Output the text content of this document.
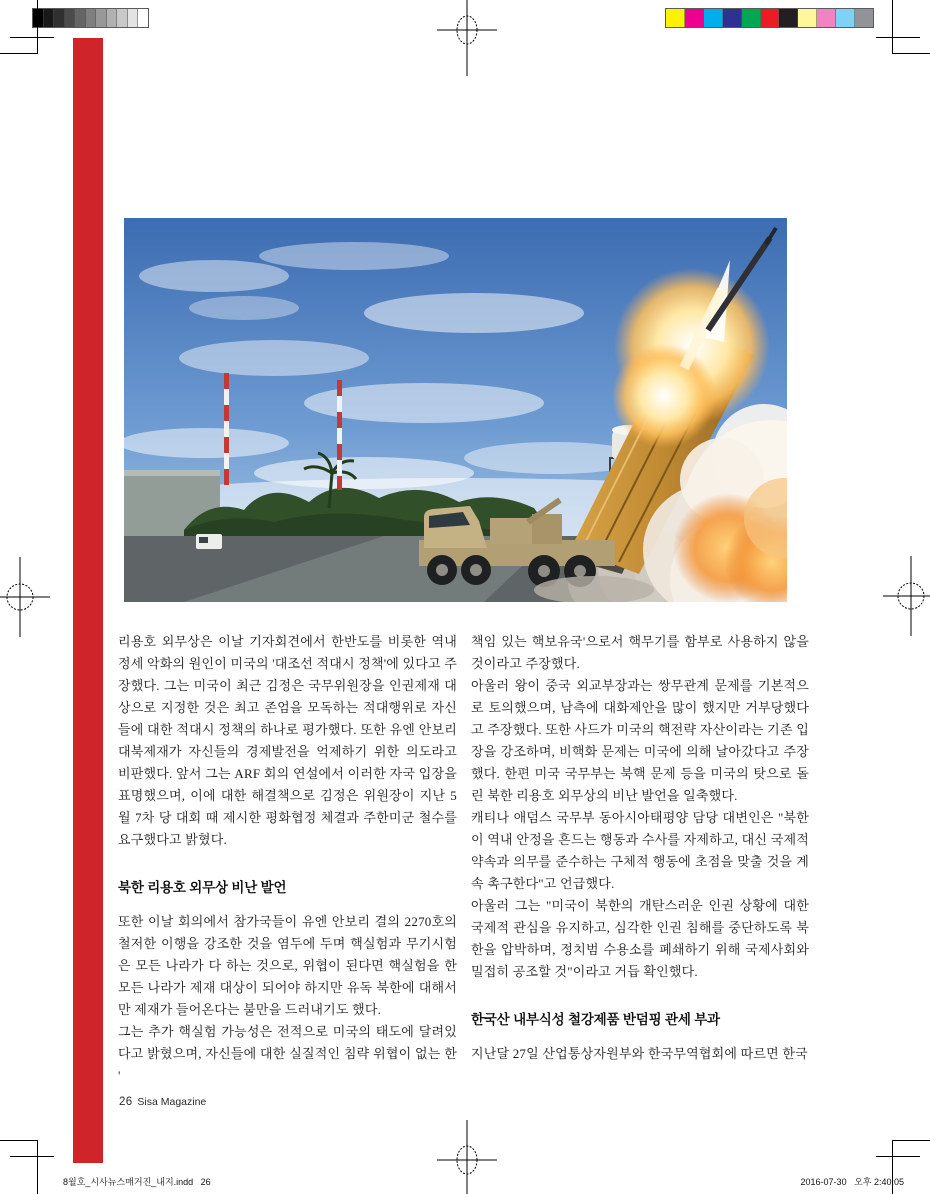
리용호 외무상은 이날 기자회견에서 한반도를 비롯한 역내 정세 악화의 원인이 미국의 '대조선 적대시 정책'에 있다고 주장했다. 그는 미국이 최근 김정은 국무위원장을 인권제재 대상으로 지정한 것은 최고 존엄을 모독하는 적대행위로 자신들에 대한 적대시 정책의 하나로 평가했다. 또한 유엔 안보리 대북제재가 자신들의 경제발전을 억제하기 위한 의도라고 비판했다. 앞서 그는 ARF 회의 연설에서 이러한 자국 입장을 표명했으며, 이에 대한 해결책으로 김정은 위원장이 지난 5월 7차 당 대회 때 제시한 평화협정 체결과 주한미군 철수를 요구했다고 밝혔다.

북한 리용호 외무상 비난 발언

또한 이날 회의에서 참가국들이 유엔 안보리 결의 2270호의 철저한 이행을 강조한 것을 염두에 두며 핵실험과 무기시험은 모든 나라가 다 하는 것으로, 위협이 된다면 핵실험을 한 모든 나라가 제재 대상이 되어야 하지만 유독 북한에 대해서만 제재가 들어온다는 불만을 드러내기도 했다.

그는 추가 핵실험 가능성은 전적으로 미국의 태도에 달려있다고 밝혔으며, 자신들에 대한 실질적인 침략 위협이 없는 한 '

책임 있는 핵보유국'으로서 핵무기를 함부로 사용하지 않을 것이라고 주장했다.

아울러 왕이 중국 외교부장과는 쌍무관계 문제를 기본적으로 토의했으며, 남측에 대화제안을 많이 했지만 거부당했다고 주장했다. 또한 사드가 미국의 핵전략 자산이라는 기존 입장을 강조하며, 비핵화 문제는 미국에 의해 날아갔다고 주장했다. 한편 미국 국무부는 북핵 문제 등을 미국의 탓으로 돌린 북한 리용호 외무상의 비난 발언을 일축했다.

캐티나 애덤스 국무부 동아시아태평양 담당 대변인은 "북한이 역내 안정을 흔드는 행동과 수사를 자제하고, 대신 국제적 약속과 의무를 준수하는 구체적 행동에 초점을 맞출 것을 계속 촉구한다"고 언급했다.

아울러 그는 "미국이 북한의 개탄스러운 인권 상황에 대한 국제적 관심을 유지하고, 심각한 인권 침해를 중단하도록 북한을 압박하며, 정치범 수용소를 폐쇄하기 위해 국제사회와 밀접히 공조할 것"이라고 거듭 확인했다.

한국산 내부식성 철강제품 반덤핑 관세 부과

지난달 27일 산업통상자원부와 한국무역협회에 따르면 한국

26 Sisa Magazine
8월호_시사뉴스매거진_내지.indd   26	2016-07-30   오후 2:40:05
